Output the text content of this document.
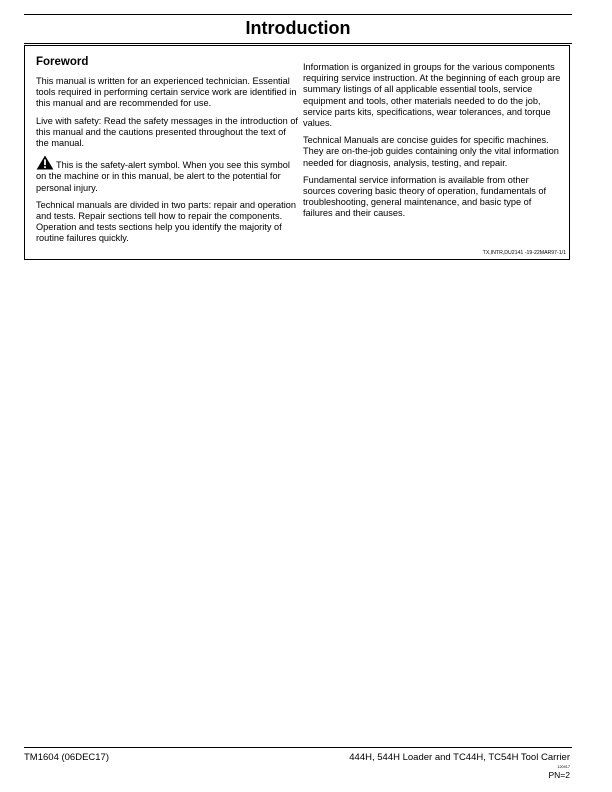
Introduction
Foreword

This manual is written for an experienced technician. Essential tools required in performing certain service work are identified in this manual and are recommended for use.

Live with safety: Read the safety messages in the introduction of this manual and the cautions presented throughout the text of the manual.

This is the safety-alert symbol. When you see this symbol on the machine or in this manual, be alert to the potential for personal injury.

Technical manuals are divided in two parts: repair and operation and tests. Repair sections tell how to repair the components. Operation and tests sections help you identify the majority of routine failures quickly.

Information is organized in groups for the various components requiring service instruction. At the beginning of each group are summary listings of all applicable essential tools, service equipment and tools, other materials needed to do the job, service parts kits, specifications, wear tolerances, and torque values.

Technical Manuals are concise guides for specific machines. They are on-the-job guides containing only the vital information needed for diagnosis, analysis, testing, and repair.

Fundamental service information is available from other sources covering basic theory of operation, fundamentals of troubleshooting, general maintenance, and basic type of failures and their causes.

TX,INTR,DU2141 -19-22MAR97-1/1
TM1604 (06DEC17)	444H, 544H Loader and TC44H, TC54H Tool Carrier
120917
PN=2
